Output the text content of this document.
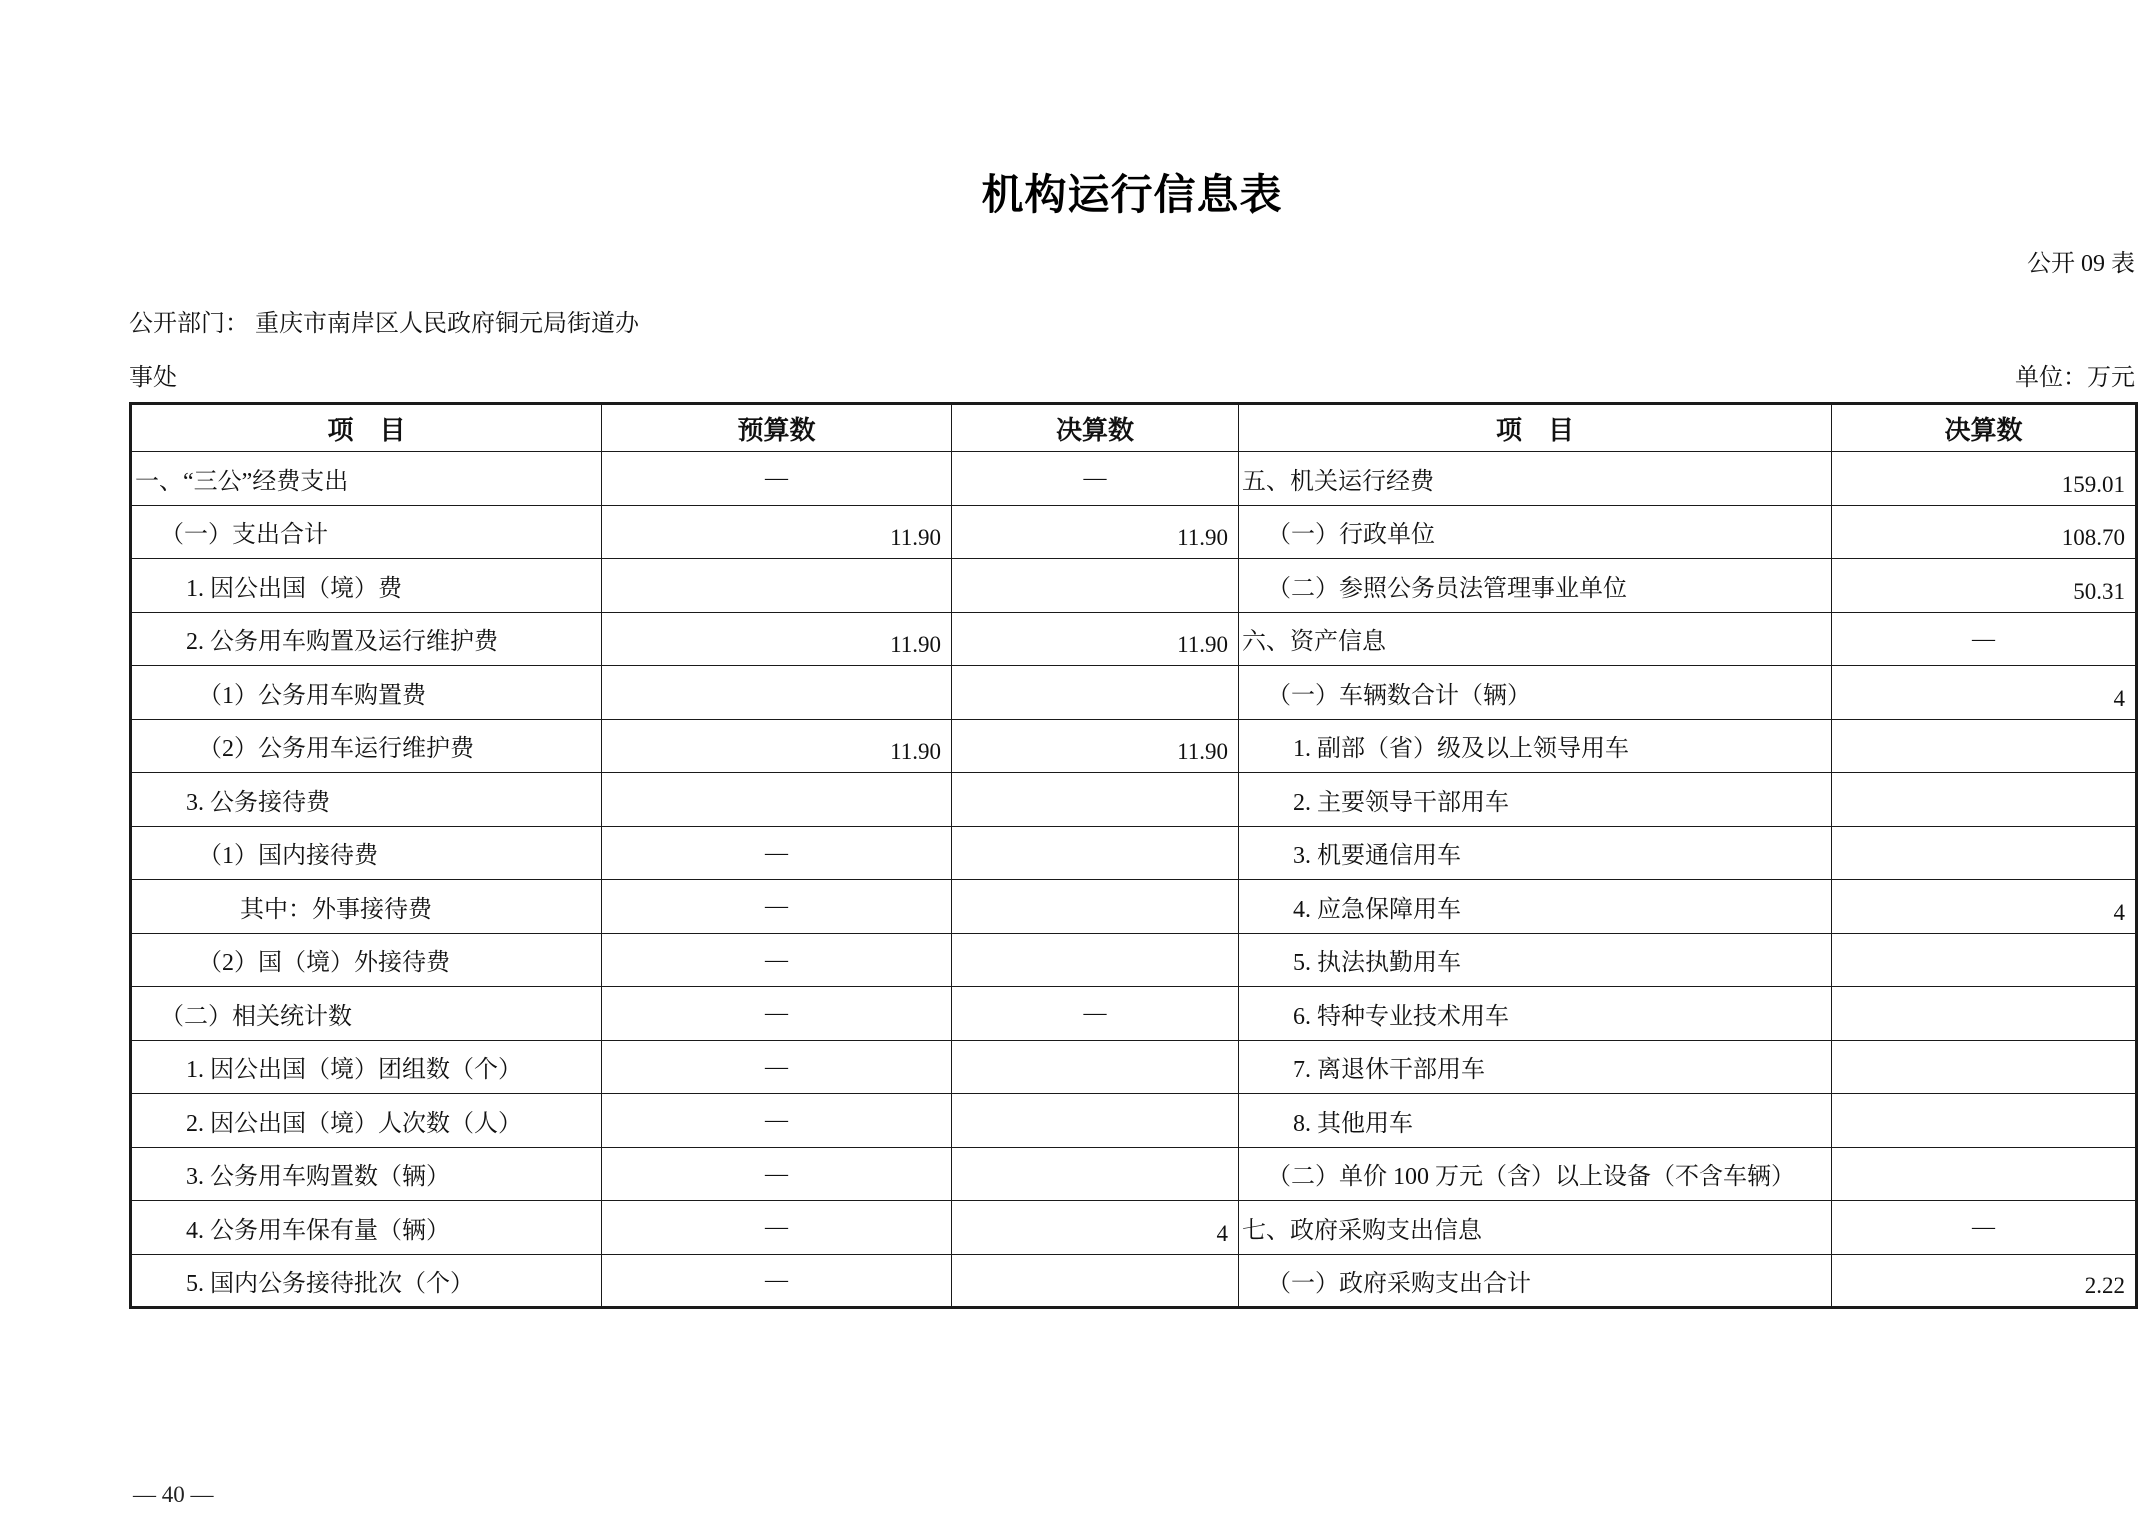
机构运行信息表
公开 09 表
公开部门： 重庆市南岸区人民政府铜元局街道办
事处	单位：万元
项　目	预算数	决算数	项　目	决算数
一、“三公”经费支出	—	—	五、机关运行经费	159.01
（一）支出合计	11.90	11.90	（一）行政单位	108.70
1. 因公出国（境）费			（二）参照公务员法管理事业单位	50.31
2. 公务用车购置及运行维护费	11.90	11.90	六、资产信息	—
（1）公务用车购置费			（一）车辆数合计（辆）	4
（2）公务用车运行维护费	11.90	11.90	1. 副部（省）级及以上领导用车	
3. 公务接待费			2. 主要领导干部用车	
（1）国内接待费	—		3. 机要通信用车	
其中：外事接待费	—		4. 应急保障用车	4
（2）国（境）外接待费	—		5. 执法执勤用车	
（二）相关统计数	—	—	6. 特种专业技术用车	
1. 因公出国（境）团组数（个）	—		7. 离退休干部用车	
2. 因公出国（境）人次数（人）	—		8. 其他用车	
3. 公务用车购置数（辆）	—		（二）单价 100 万元（含）以上设备（不含车辆）	
4. 公务用车保有量（辆）	—	4	七、政府采购支出信息	—
5. 国内公务接待批次（个）	—		（一）政府采购支出合计	2.22
— 40 —
